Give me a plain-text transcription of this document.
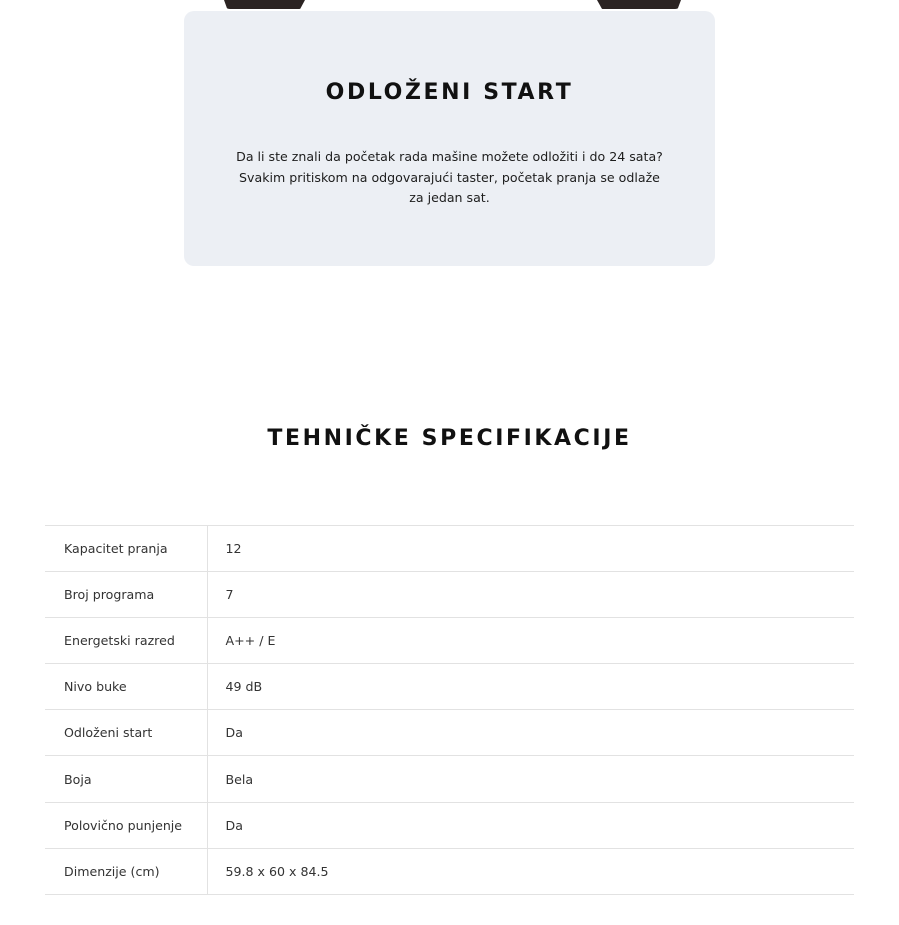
ODLOŽENI START

Da li ste znali da početak rada mašine možete odložiti i do 24 sata? Svakim pritiskom na odgovarajući taster, početak pranja se odlaže za jedan sat.

TEHNIČKE SPECIFIKACIJE
Kapacitet pranja	12
Broj programa	7
Energetski razred	A++ / E
Nivo buke	49 dB
Odloženi start	Da
Boja	Bela
Polovično punjenje	Da
Dimenzije (cm)	59.8 x 60 x 84.5
